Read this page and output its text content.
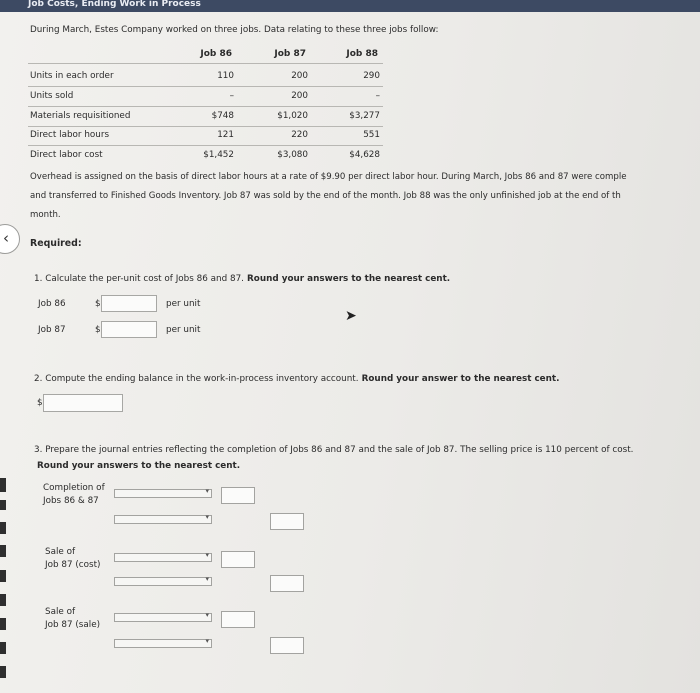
Job Costs, Ending Work in Process
During March, Estes Company worked on three jobs. Data relating to these three jobs follow:
Job 86	Job 87	Job 88
Units in each order	110	200	290
Units sold	–	200	–
Materials requisitioned	$748	$1,020	$3,277
Direct labor hours	121	220	551
Direct labor cost	$1,452	$3,080	$4,628
Overhead is assigned on the basis of direct labor hours at a rate of $9.90 per direct labor hour. During March, Jobs 86 and 87 were comple
and transferred to Finished Goods Inventory. Job 87 was sold by the end of the month. Job 88 was the only unfinished job at the end of th
month.
‹ Required:
1. Calculate the per-unit cost of Jobs 86 and 87. Round your answers to the nearest cent.
Job 86	$	per unit
Job 87	$	per unit
➤
2. Compute the ending balance in the work-in-process inventory account. Round your answer to the nearest cent.
$
3. Prepare the journal entries reflecting the completion of Jobs 86 and 87 and the sale of Job 87. The selling price is 110 percent of cost.
Round your answers to the nearest cent.
Completion of
Jobs 86 & 87
▾
▾
Sale of
Job 87 (cost)
▾
▾
Sale of
Job 87 (sale)
▾
▾
